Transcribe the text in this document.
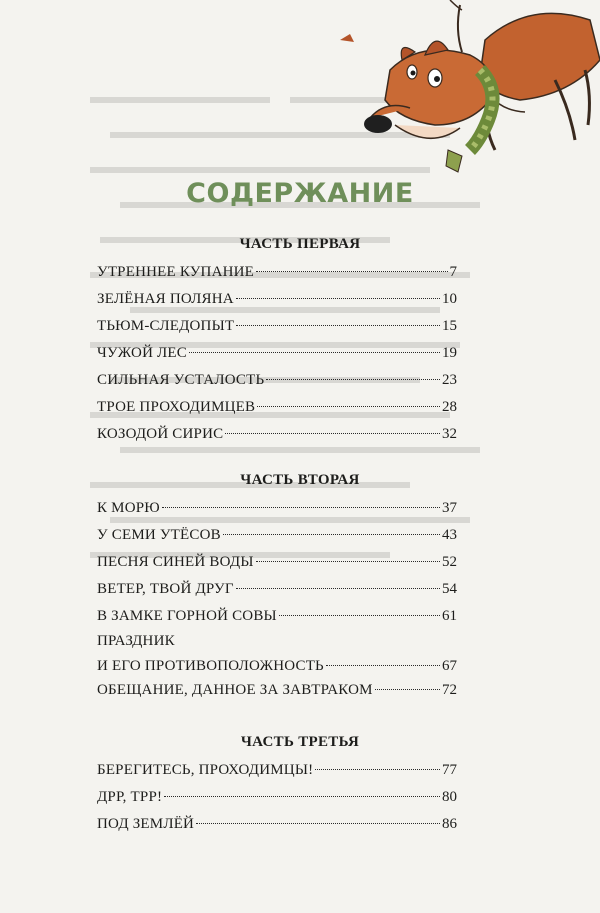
СОДЕРЖАНИЕ
ЧАСТЬ ПЕРВАЯ
УТРЕННЕЕ КУПАНИЕ	7
ЗЕЛЁНАЯ ПОЛЯНА	10
ТЬЮМ-СЛЕДОПЫТ	15
ЧУЖОЙ ЛЕС	19
СИЛЬНАЯ УСТАЛОСТЬ	23
ТРОЕ ПРОХОДИМЦЕВ	28
КОЗОДОЙ СИРИС	32
ЧАСТЬ ВТОРАЯ
К МОРЮ	37
У СЕМИ УТЁСОВ	43
ПЕСНЯ СИНЕЙ ВОДЫ	52
ВЕТЕР, ТВОЙ ДРУГ	54
В ЗАМКЕ ГОРНОЙ СОВЫ	61
ПРАЗДНИК
И ЕГО ПРОТИВОПОЛОЖНОСТЬ	67
ОБЕЩАНИЕ, ДАННОЕ ЗА ЗАВТРАКОМ	72
ЧАСТЬ ТРЕТЬЯ
БЕРЕГИТЕСЬ, ПРОХОДИМЦЫ!	77
ДРР, ТРР!	80
ПОД ЗЕМЛЁЙ	86
